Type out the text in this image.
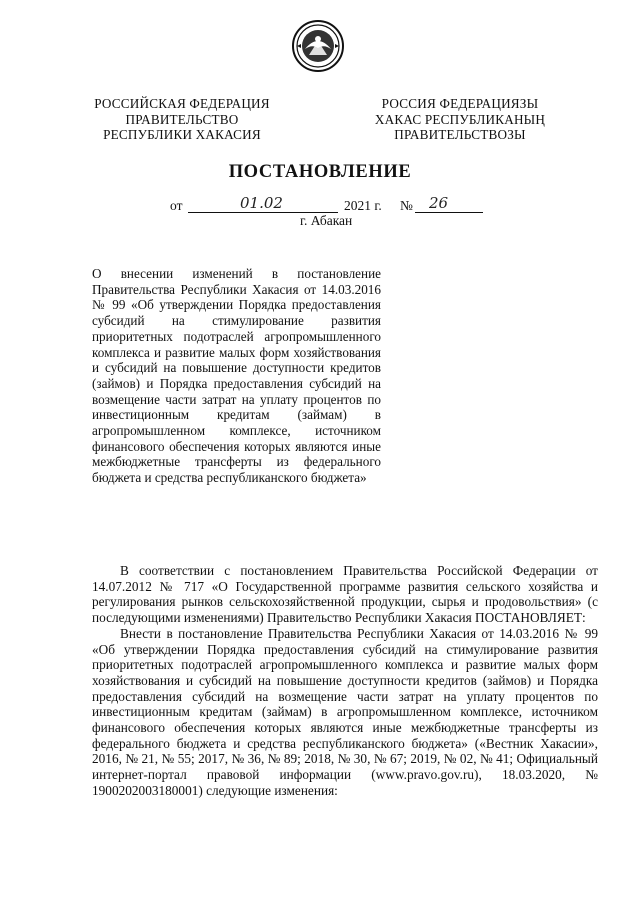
РОССИЙСКАЯ ФЕДЕРАЦИЯ
ПРАВИТЕЛЬСТВО
РЕСПУБЛИКИ ХАКАСИЯ
РОССИЯ ФЕДЕРАЦИЯЗЫ
ХАКАС РЕСПУБЛИКАНЫҢ
ПРАВИТЕЛЬСТВОЗЫ
ПОСТАНОВЛЕНИЕ
от	01.02	2021 г. № 26
г. Абакан
О внесении изменений в постановление Правительства Республики Хакасия от 14.03.2016 № 99 «Об утверждении Порядка предоставления субсидий на стимулирование развития приоритетных подотраслей агропромышленного комплекса и развитие малых форм хозяйствования и субсидий на повышение доступности кредитов (займов) и Порядка предоставления субсидий на возмещение части затрат на уплату процентов по инвестиционным кредитам (займам) в агропромышленном комплексе, источником финансового обеспечения которых являются иные межбюджетные трансферты из федерального бюджета и средства республиканского бюджета»

В соответствии с постановлением Правительства Российской Федерации от 14.07.2012 № 717 «О Государственной программе развития сельского хозяйства и регулирования рынков сельскохозяйственной продукции, сырья и продовольствия» (с последующими изменениями) Правительство Республики Хакасия ПОСТАНОВЛЯЕТ:

Внести в постановление Правительства Республики Хакасия от 14.03.2016 № 99 «Об утверждении Порядка предоставления субсидий на стимулирование развития приоритетных подотраслей агропромышленного комплекса и развитие малых форм хозяйствования и субсидий на повышение доступности кредитов (займов) и Порядка предоставления субсидий на возмещение части затрат на уплату процентов по инвестиционным кредитам (займам) в агропромышленном комплексе, источником финансового обеспечения которых являются иные межбюджетные трансферты из федерального бюджета и средства республиканского бюджета» («Вестник Хакасии», 2016, № 21, № 55; 2017, № 36, № 89; 2018, № 30, № 67; 2019, № 02, № 41; Официальный интернет-портал правовой информации (www.pravo.gov.ru), 18.03.2020, № 1900202003180001) следующие изменения:
